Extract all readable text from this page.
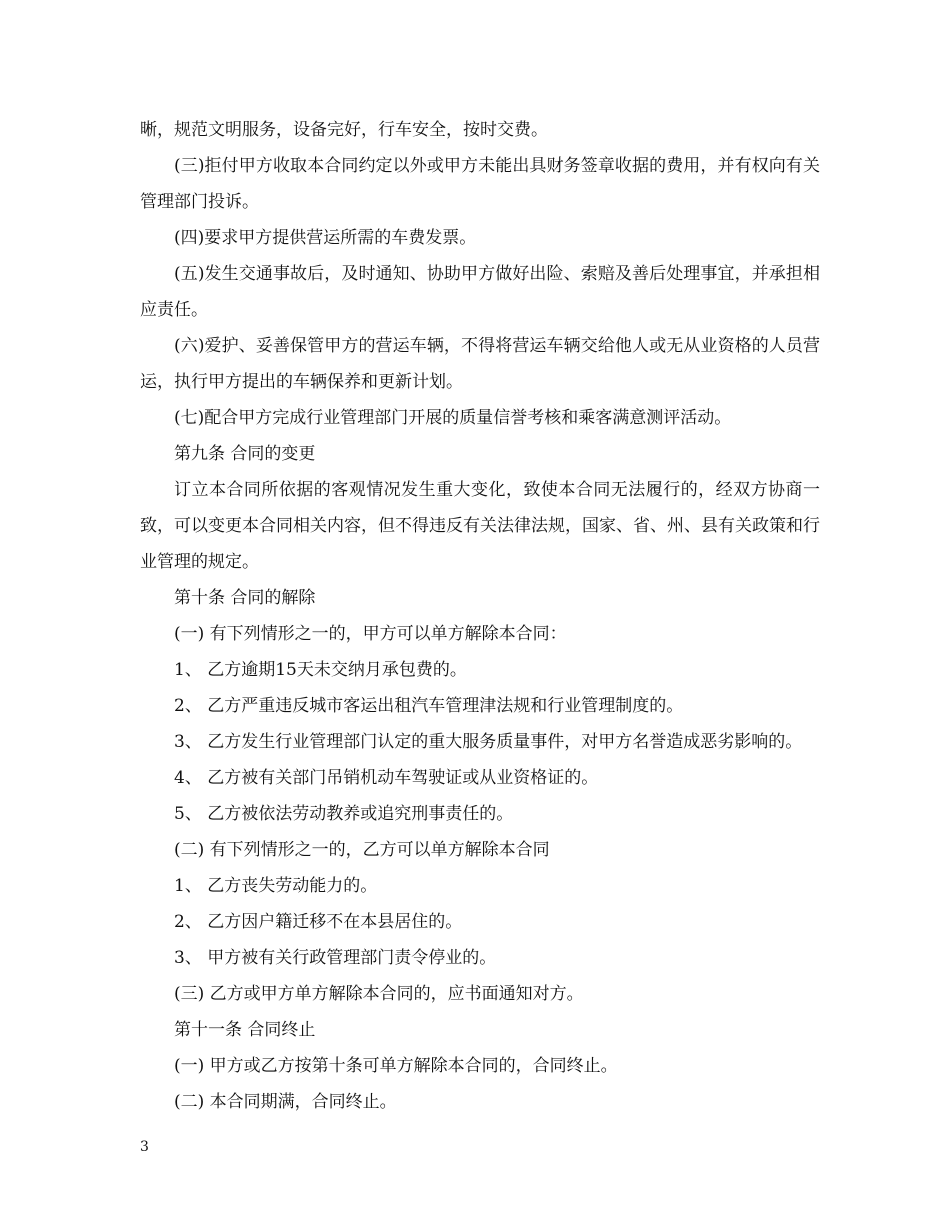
晰，规范文明服务，设备完好，行车安全，按时交费。

(三)拒付甲方收取本合同约定以外或甲方未能出具财务签章收据的费用，并有权向有关管理部门投诉。

(四)要求甲方提供营运所需的车费发票。

(五)发生交通事故后，及时通知、协助甲方做好出险、索赔及善后处理事宜，并承担相应责任。

(六)爱护、妥善保管甲方的营运车辆，不得将营运车辆交给他人或无从业资格的人员营运，执行甲方提出的车辆保养和更新计划。

(七)配合甲方完成行业管理部门开展的质量信誉考核和乘客满意测评活动。

第九条 合同的变更

订立本合同所依据的客观情况发生重大变化，致使本合同无法履行的，经双方协商一致，可以变更本合同相关内容，但不得违反有关法律法规，国家、省、州、县有关政策和行业管理的规定。

第十条 合同的解除

(一) 有下列情形之一的，甲方可以单方解除本合同：

1、 乙方逾期15天未交纳月承包费的。

2、 乙方严重违反城市客运出租汽车管理津法规和行业管理制度的。

3、 乙方发生行业管理部门认定的重大服务质量事件，对甲方名誉造成恶劣影响的。

4、 乙方被有关部门吊销机动车驾驶证或从业资格证的。

5、 乙方被依法劳动教养或追究刑事责任的。

(二) 有下列情形之一的，乙方可以单方解除本合同

1、 乙方丧失劳动能力的。

2、 乙方因户籍迁移不在本县居住的。

3、 甲方被有关行政管理部门责令停业的。

(三) 乙方或甲方单方解除本合同的，应书面通知对方。

第十一条 合同终止

(一) 甲方或乙方按第十条可单方解除本合同的，合同终止。

(二) 本合同期满，合同终止。

3
